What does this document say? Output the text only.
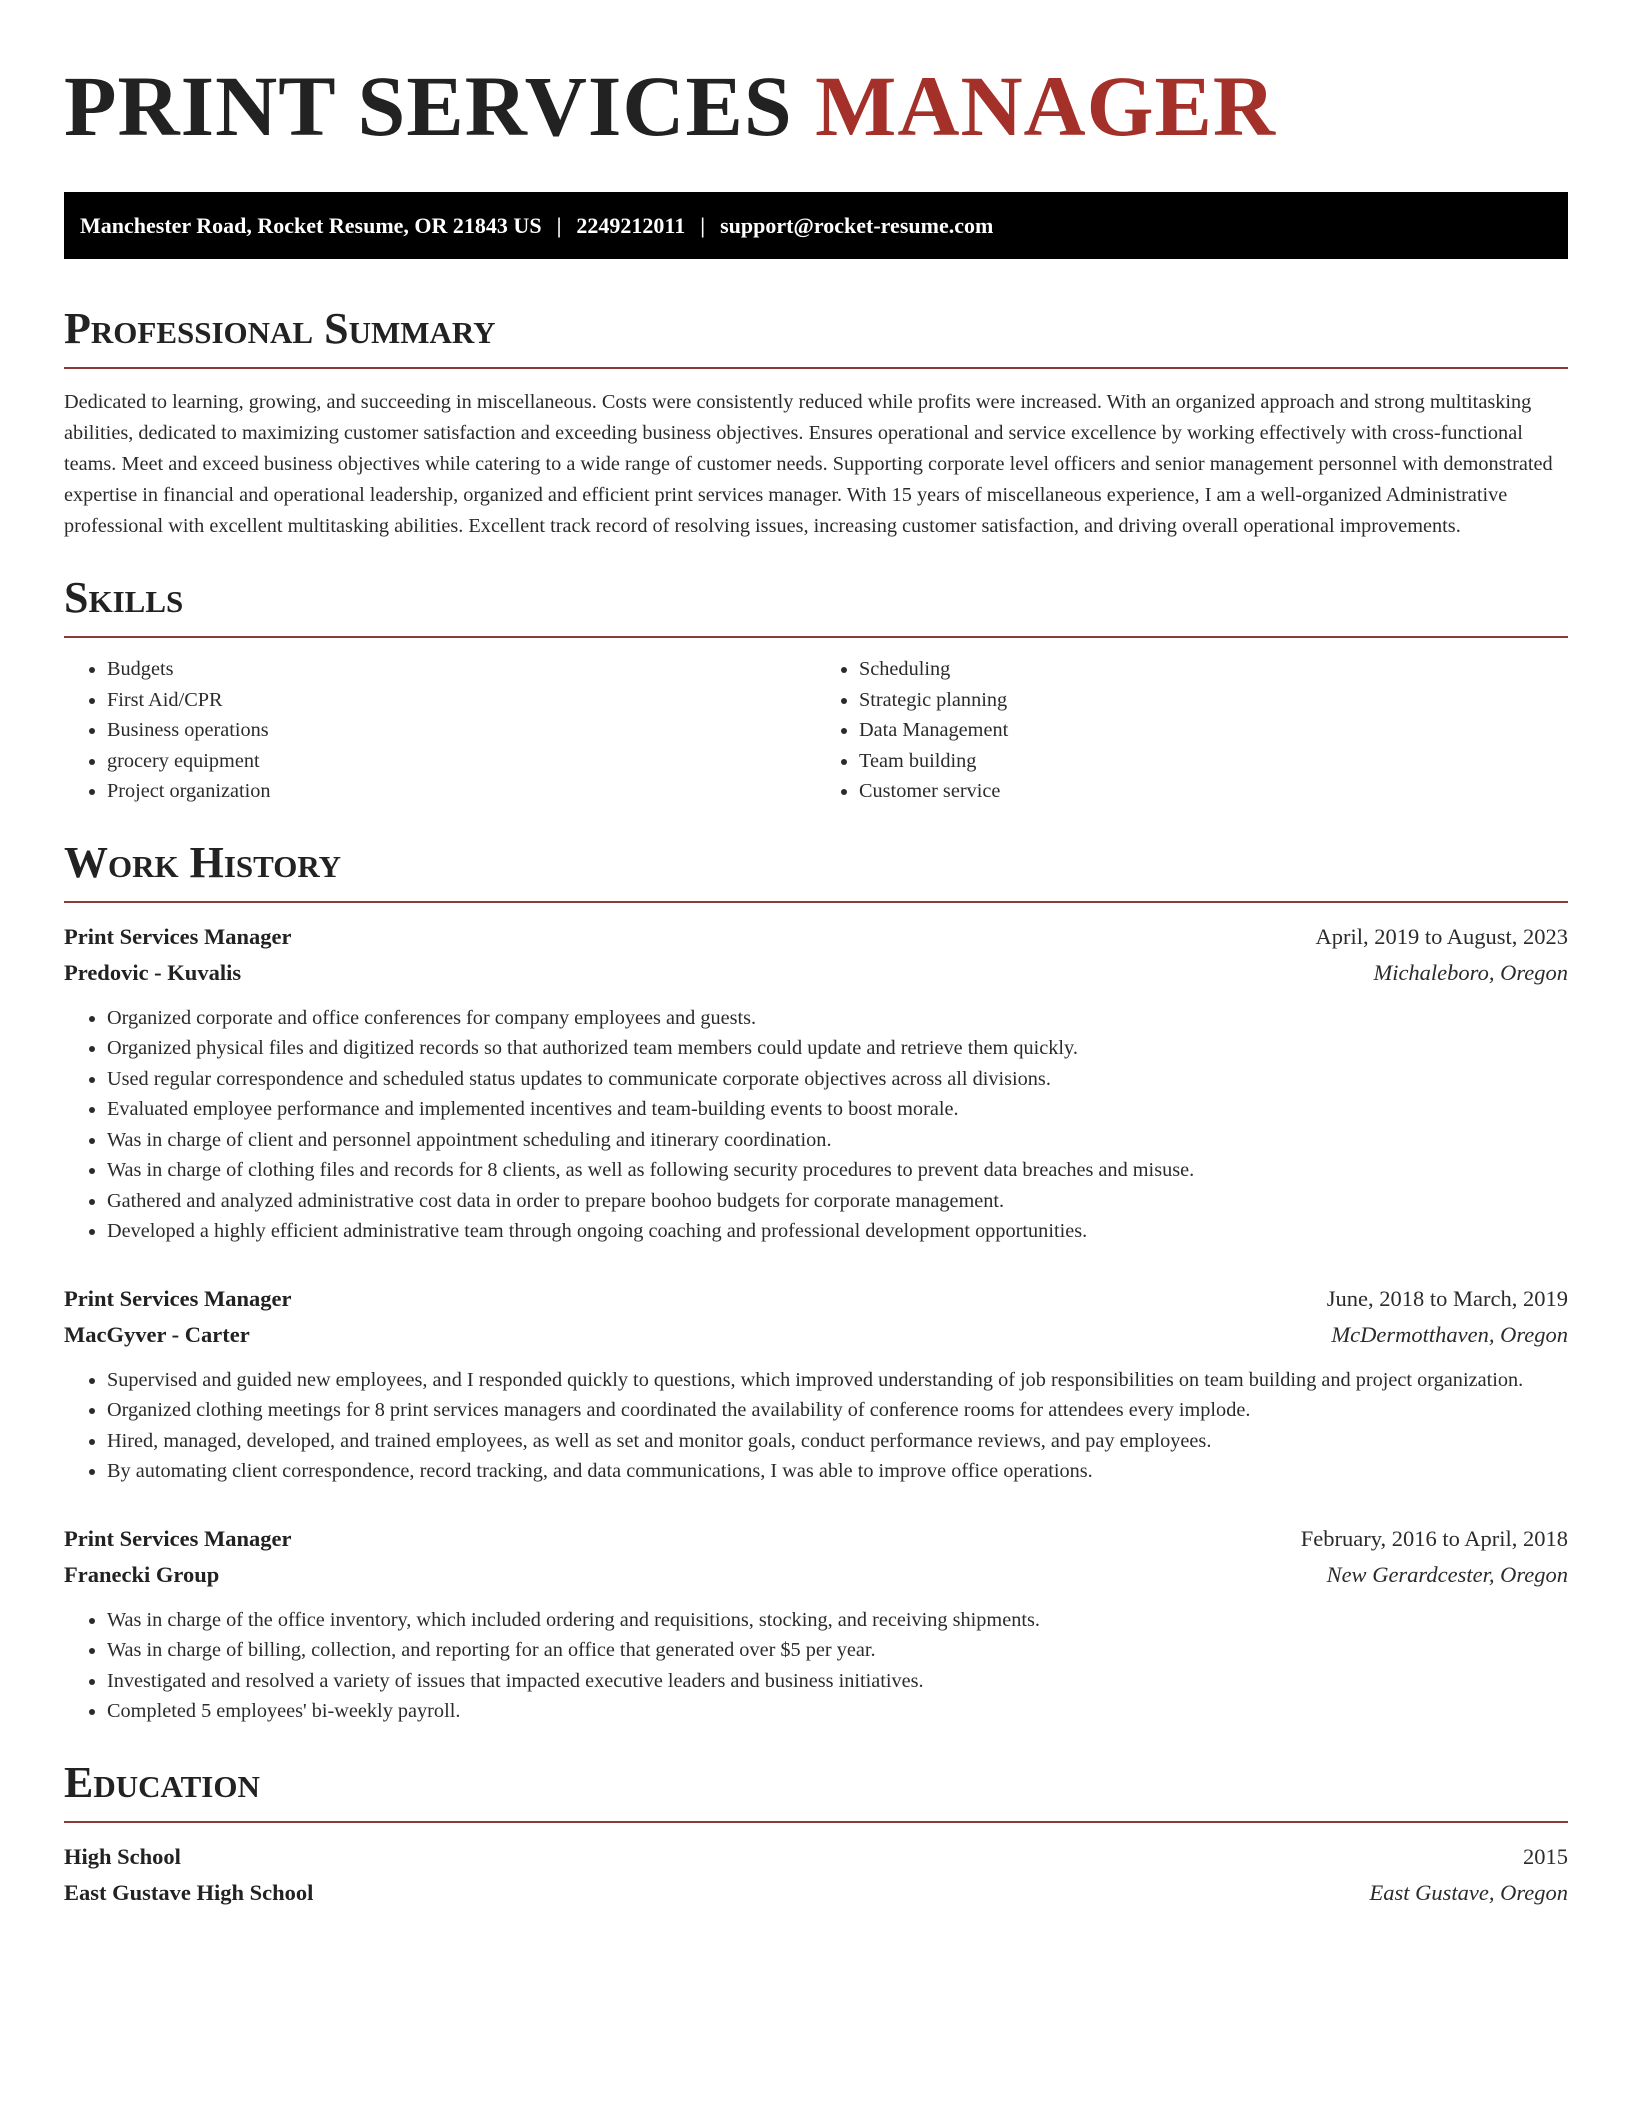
PRINT SERVICES MANAGER
Manchester Road, Rocket Resume, OR 21843 US | 2249212011 | support@rocket-resume.com
Professional Summary

Dedicated to learning, growing, and succeeding in miscellaneous. Costs were consistently reduced while profits were increased. With an organized approach and strong multitasking abilities, dedicated to maximizing customer satisfaction and exceeding business objectives. Ensures operational and service excellence by working effectively with cross-functional teams. Meet and exceed business objectives while catering to a wide range of customer needs. Supporting corporate level officers and senior management personnel with demonstrated expertise in financial and operational leadership, organized and efficient print services manager. With 15 years of miscellaneous experience, I am a well-organized Administrative professional with excellent multitasking abilities. Excellent track record of resolving issues, increasing customer satisfaction, and driving overall operational improvements.

Skills
• Budgets
• First Aid/CPR
• Business operations
• grocery equipment
• Project organization
• Scheduling
• Strategic planning
• Data Management
• Team building
• Customer service
Work History
Print Services Manager	April, 2019 to August, 2023
Predovic - Kuvalis	Michaleboro, Oregon
• Organized corporate and office conferences for company employees and guests.
• Organized physical files and digitized records so that authorized team members could update and retrieve them quickly.
• Used regular correspondence and scheduled status updates to communicate corporate objectives across all divisions.
• Evaluated employee performance and implemented incentives and team-building events to boost morale.
• Was in charge of client and personnel appointment scheduling and itinerary coordination.
• Was in charge of clothing files and records for 8 clients, as well as following security procedures to prevent data breaches and misuse.
• Gathered and analyzed administrative cost data in order to prepare boohoo budgets for corporate management.
• Developed a highly efficient administrative team through ongoing coaching and professional development opportunities.
Print Services Manager	June, 2018 to March, 2019
MacGyver - Carter	McDermotthaven, Oregon
• Supervised and guided new employees, and I responded quickly to questions, which improved understanding of job responsibilities on team building and project organization.
• Organized clothing meetings for 8 print services managers and coordinated the availability of conference rooms for attendees every implode.
• Hired, managed, developed, and trained employees, as well as set and monitor goals, conduct performance reviews, and pay employees.
• By automating client correspondence, record tracking, and data communications, I was able to improve office operations.
Print Services Manager	February, 2016 to April, 2018
Franecki Group	New Gerardcester, Oregon
• Was in charge of the office inventory, which included ordering and requisitions, stocking, and receiving shipments.
• Was in charge of billing, collection, and reporting for an office that generated over $5 per year.
• Investigated and resolved a variety of issues that impacted executive leaders and business initiatives.
• Completed 5 employees' bi-weekly payroll.
Education
High School	2015
East Gustave High School	East Gustave, Oregon
